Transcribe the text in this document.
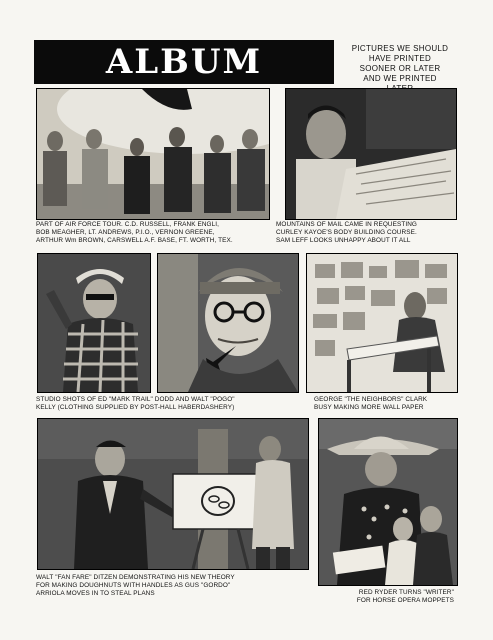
ALBUM	PICTURES WE SHOULD
HAVE PRINTED
SOONER OR LATER
AND WE PRINTED
PART OF AIR FORCE TOUR. C.D. RUSSELL, FRANK ENGLI,
BOB MEAGHER, LT. ANDREWS, P.I.O., VERNON GREENE,
ARTHUR Wm BROWN, CARSWELL A.F. BASE, FT. WORTH, TEX.
MOUNTAINS OF MAIL CAME IN REQUESTING
CURLEY KAYOE'S BODY BUILDING COURSE.
SAM LEFF LOOKS UNHAPPY ABOUT IT ALL
STUDIO SHOTS OF ED "MARK TRAIL" DODD AND WALT "POGO"
KELLY (CLOTHING SUPPLIED BY POST-HALL HABERDASHERY)
GEORGE "THE NEIGHBORS" CLARK
BUSY MAKING MORE WALL PAPER
WALT "FAN FARE" DITZEN DEMONSTRATING HIS NEW THEORY
FOR MAKING DOUGHNUTS WITH HANDLES AS GUS "GORDO"
ARRIOLA MOVES IN TO STEAL PLANS	RED RYDER TURNS "WRITER"
FOR HORSE OPERA MOPPETS
